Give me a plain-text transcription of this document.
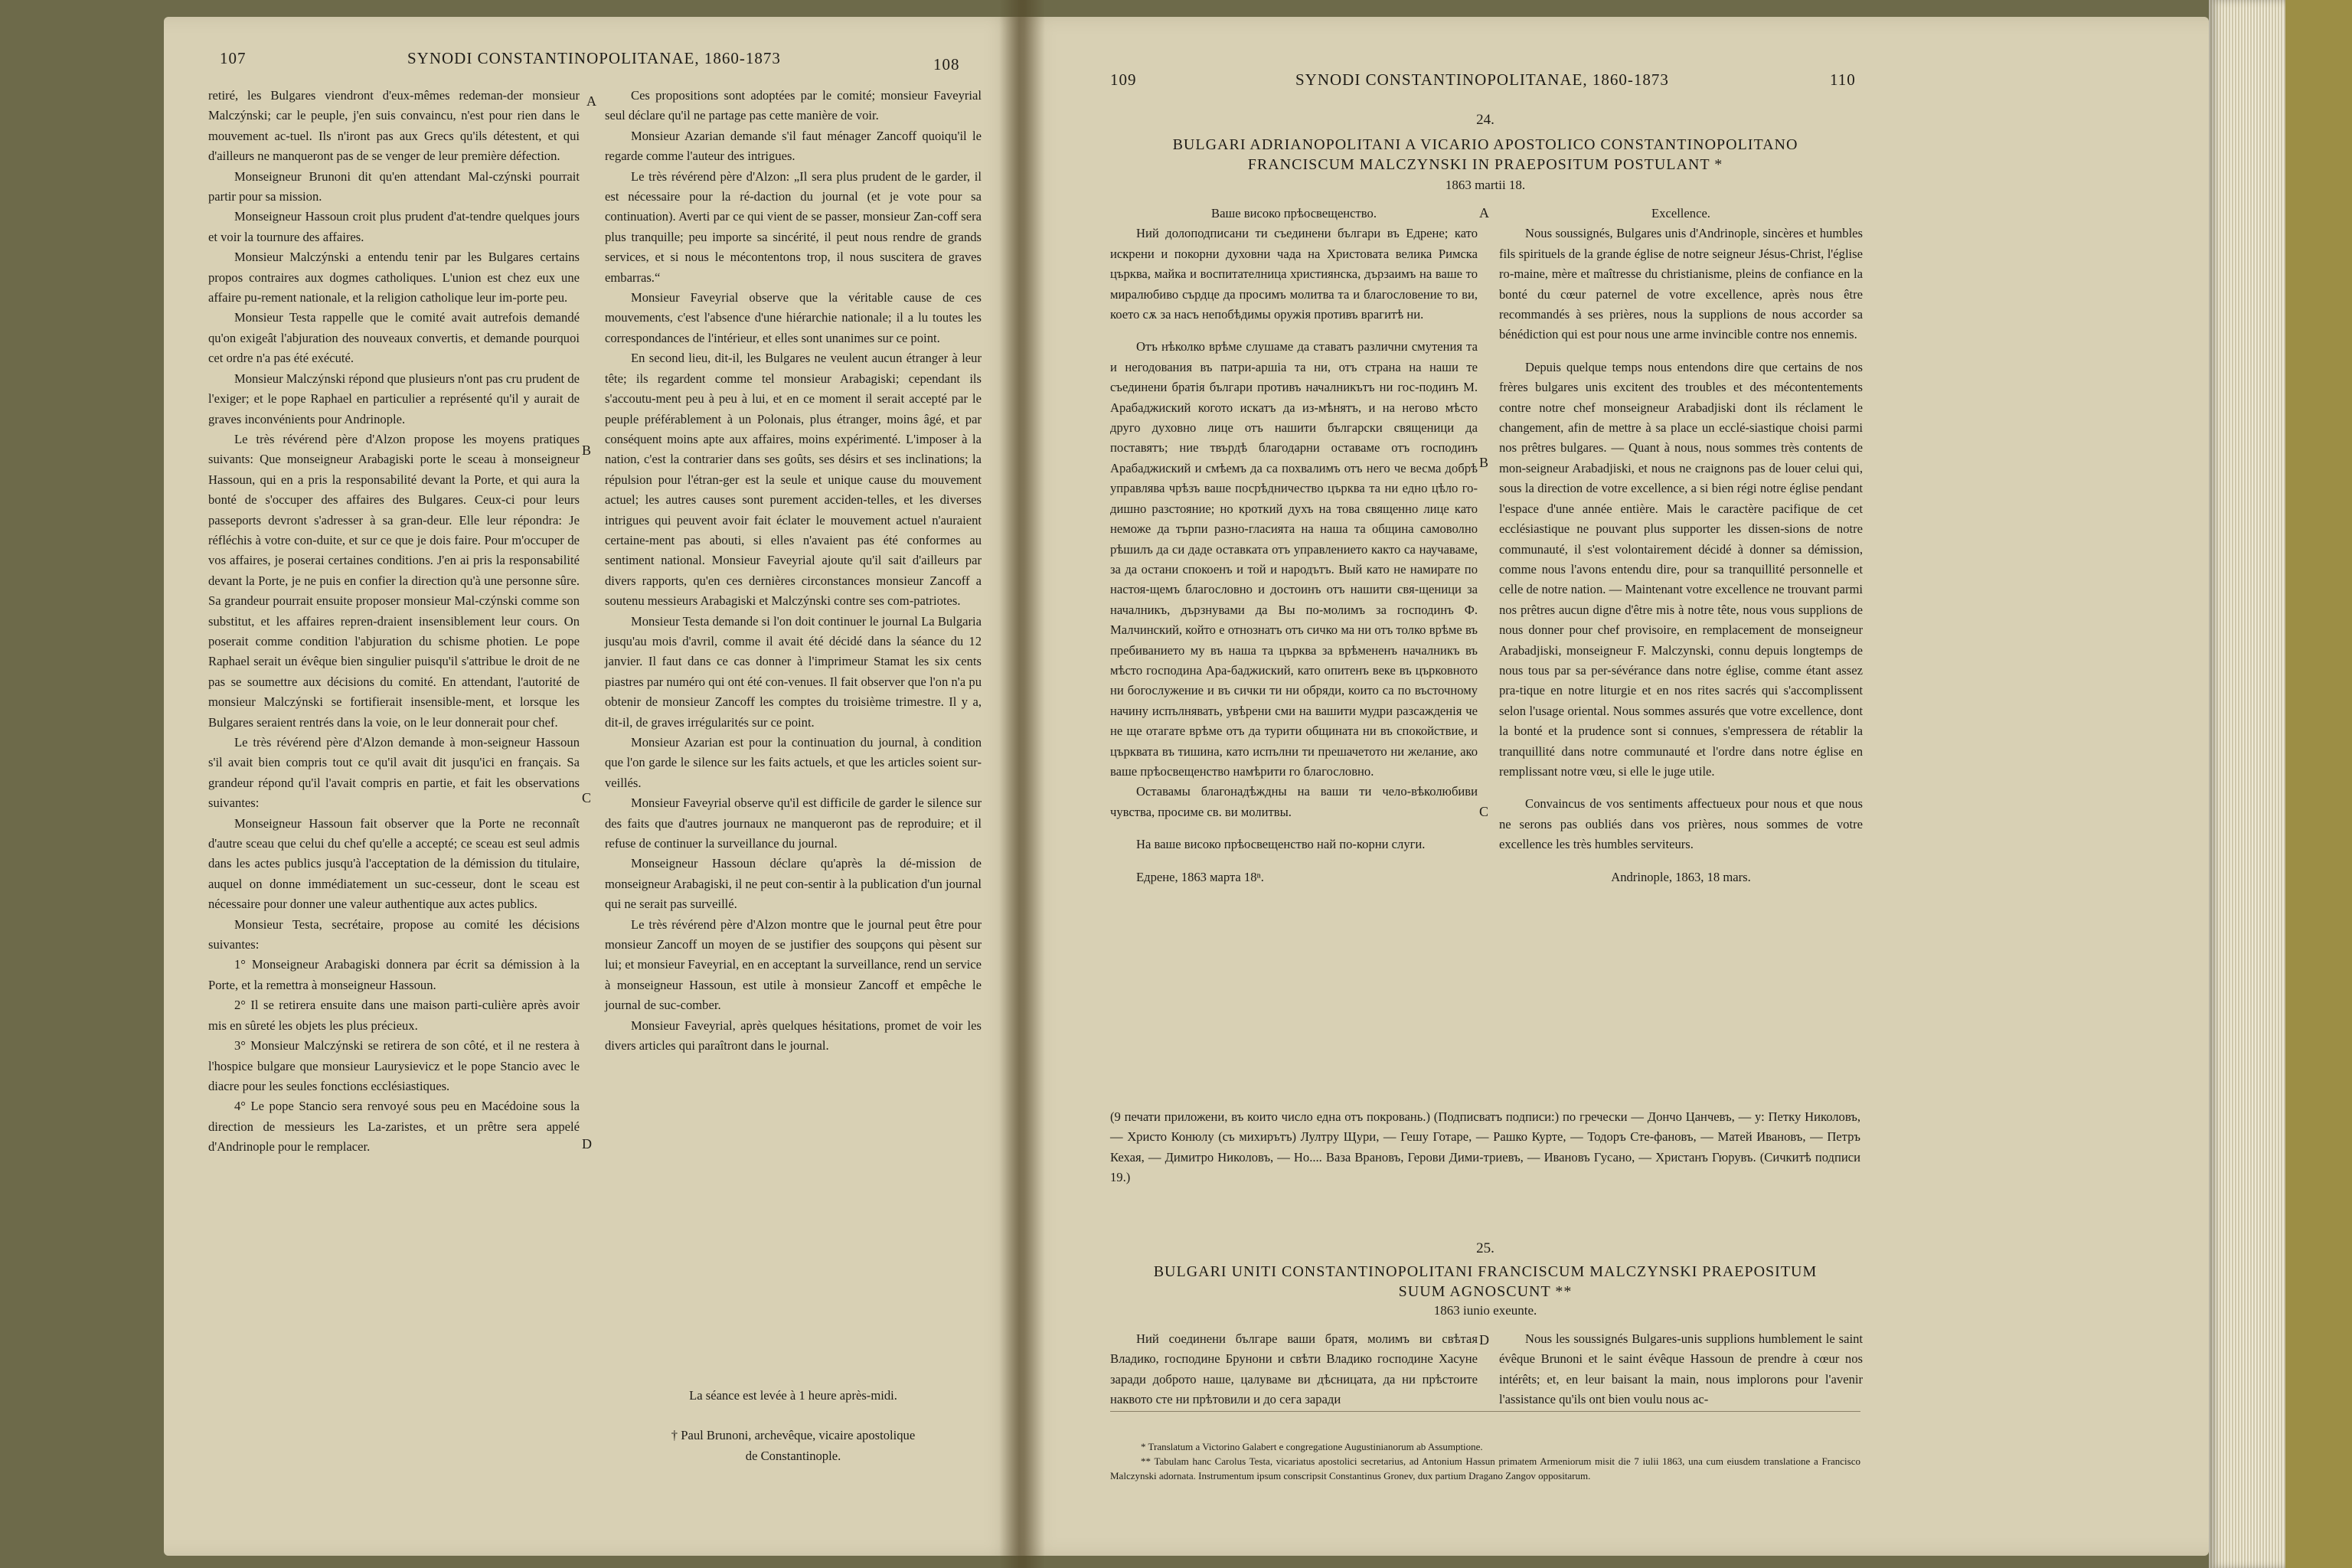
107	SYNODI CONSTANTINOPOLITANAE, 1860-1873	108
109	SYNODI CONSTANTINOPOLITANAE, 1860-1873	110

retiré, les Bulgares viendront d'eux-mêmes redeman-der monsieur Malczýnski; car le peuple, j'en suis convaincu, n'est pour rien dans le mouvement ac-tuel. Ils n'iront pas aux Grecs qu'ils détestent, et qui d'ailleurs ne manqueront pas de se venger de leur première défection.

Monseigneur Brunoni dit qu'en attendant Mal-czýnski pourrait partir pour sa mission.

Monseigneur Hassoun croit plus prudent d'at-tendre quelques jours et voir la tournure des affaires.

Monsieur Malczýnski a entendu tenir par les Bulgares certains propos contraires aux dogmes catholiques. L'union est chez eux une affaire pu-rement nationale, et la religion catholique leur im-porte peu.

Monsieur Testa rappelle que le comité avait autrefois demandé qu'on exigeât l'abjuration des nouveaux convertis, et demande pourquoi cet ordre n'a pas été exécuté.

Monsieur Malczýnski répond que plusieurs n'ont pas cru prudent de l'exiger; et le pope Raphael en particulier a représenté qu'il y aurait de graves inconvénients pour Andrinople.

Le très révérend père d'Alzon propose les moyens pratiques suivants: Que monseigneur Arabagiski porte le sceau à monseigneur Hassoun, qui en a pris la responsabilité devant la Porte, et qui aura la bonté de s'occuper des affaires des Bulgares. Ceux-ci pour leurs passeports devront s'adresser à sa gran-deur. Elle leur répondra: Je réfléchis à votre con-duite, et sur ce que je dois faire. Pour m'occuper de vos affaires, je poserai certaines conditions. J'en ai pris la responsabilité devant la Porte, je ne puis en confier la direction qu'à une personne sûre. Sa grandeur pourrait ensuite proposer monsieur Mal-czýnski comme son substitut, et les affaires repren-draient insensiblement leur cours. On poserait comme condition l'abjuration du schisme photien. Le pope Raphael serait un évêque bien singulier puisqu'il s'attribue le droit de ne pas se soumettre aux décisions du comité. En attendant, l'autorité de monsieur Malczýnski se fortifierait insensible-ment, et lorsque les Bulgares seraient rentrés dans la voie, on le leur donnerait pour chef.

Le très révérend père d'Alzon demande à mon-seigneur Hassoun s'il avait bien compris tout ce qu'il avait dit jusqu'ici en français. Sa grandeur répond qu'il l'avait compris en partie, et fait les observations suivantes:

Monseigneur Hassoun fait observer que la Porte ne reconnaît d'autre sceau que celui du chef qu'elle a accepté; ce sceau est seul admis dans les actes publics jusqu'à l'acceptation de la démission du titulaire, auquel on donne immédiatement un suc-cesseur, dont le sceau est nécessaire pour donner une valeur authentique aux actes publics.

Monsieur Testa, secrétaire, propose au comité les décisions suivantes:

1° Monseigneur Arabagiski donnera par écrit sa démission à la Porte, et la remettra à monseigneur Hassoun.

2° Il se retirera ensuite dans une maison parti-culière après avoir mis en sûreté les objets les plus précieux.

3° Monsieur Malczýnski se retirera de son côté, et il ne restera à l'hospice bulgare que monsieur Laurysievicz et le pope Stancio avec le diacre pour les seules fonctions ecclésiastiques.

4° Le pope Stancio sera renvoyé sous peu en Macédoine sous la direction de messieurs les La-zaristes, et un prêtre sera appelé d'Andrinople pour le remplacer.

Ces propositions sont adoptées par le comité; monsieur Faveyrial seul déclare qu'il ne partage pas cette manière de voir.

Monsieur Azarian demande s'il faut ménager Zancoff quoiqu'il le regarde comme l'auteur des intrigues.

Le très révérend père d'Alzon: „Il sera plus prudent de le garder, il est nécessaire pour la ré-daction du journal (et je vote pour sa continuation). Averti par ce qui vient de se passer, monsieur Zan-coff sera plus tranquille; peu importe sa sincérité, il peut nous rendre de grands services, et si nous le mécontentons trop, il nous suscitera de graves embarras.“

Monsieur Faveyrial observe que la véritable cause de ces mouvements, c'est l'absence d'une hiérarchie nationale; il a lu toutes les correspondances de l'intérieur, et elles sont unanimes sur ce point.

En second lieu, dit-il, les Bulgares ne veulent aucun étranger à leur tête; ils regardent comme tel monsieur Arabagiski; cependant ils s'accoutu-ment peu à peu à lui, et en ce moment il serait accepté par le peuple préférablement à un Polonais, plus étranger, moins âgé, et par conséquent moins apte aux affaires, moins expérimenté. L'imposer à la nation, c'est la contrarier dans ses goûts, ses désirs et ses inclinations; la répulsion pour l'étran-ger est la seule et unique cause du mouvement actuel; les autres causes sont purement acciden-telles, et les diverses intrigues qui peuvent avoir fait éclater le mouvement actuel n'auraient certaine-ment pas abouti, si elles n'avaient pas été conformes au sentiment national. Monsieur Faveyrial ajoute qu'il sait d'ailleurs par divers rapports, qu'en ces dernières circonstances monsieur Zancoff a soutenu messieurs Arabagiski et Malczýnski contre ses com-patriotes.

Monsieur Testa demande si l'on doit continuer le journal La Bulgaria jusqu'au mois d'avril, comme il avait été décidé dans la séance du 12 janvier. Il faut dans ce cas donner à l'imprimeur Stamat les six cents piastres par numéro qui ont été con-venues. Il fait observer que l'on n'a pu obtenir de monsieur Zancoff les comptes du troisième trimestre. Il y a, dit-il, de graves irrégularités sur ce point.

Monsieur Azarian est pour la continuation du journal, à condition que l'on garde le silence sur les faits actuels, et que les articles soient sur-veillés.

Monsieur Faveyrial observe qu'il est difficile de garder le silence sur des faits que d'autres journaux ne manqueront pas de reproduire; et il refuse de continuer la surveillance du journal.

Monseigneur Hassoun déclare qu'après la dé-mission de monseigneur Arabagiski, il ne peut con-sentir à la publication d'un journal qui ne serait pas surveillé.

Le très révérend père d'Alzon montre que le journal peut être pour monsieur Zancoff un moyen de se justifier des soupçons qui pèsent sur lui; et monsieur Faveyrial, en en acceptant la surveillance, rend un service à monseigneur Hassoun, est utile à monsieur Zancoff et empêche le journal de suc-comber.

Monsieur Faveyrial, après quelques hésitations, promet de voir les divers articles qui paraîtront dans le journal.

A
B
C
D

La séance est levée à 1 heure après-midi.

† Paul Brunoni, archevêque, vicaire apostolique

de Constantinople.

24.
BULGARI ADRIANOPOLITANI A VICARIO APOSTOLICO CONSTANTINOPOLITANO
FRANCISCUM MALCZYNSKI IN PRAEPOSITUM POSTULANT *
1863 martii 18.

Ваше високо прѣосвещенство.

Ний долоподписани ти съединени българи въ Едрене; като искрени и покорни духовни чада на Христовата велика Римска църква, майка и воспитателница християнска, дързаимъ на ваше то миралюбиво сърдце да просимъ молитва та и благословение то ви, което сѫ за насъ непобѣдимы оружія противъ врагитѣ ни.

Отъ нѣколко врѣме слушаме да ставатъ различни смутения та и негодования въ патри-аршіа та ни, отъ страна на наши те съединени братія българи противъ началникътъ ни гос-подинъ М. Арабаджиский когото искатъ да из-мѣнятъ, и на негово мѣсто друго духовно лице отъ нашити български священици да поставятъ; ние твърдѣ благодарни оставаме отъ господинъ Арабаджиский и смѣемъ да са похвалимъ отъ него че весма добрѣ управлява чрѣзъ ваше посрѣдничество църква та ни едно цѣло го-дишно разстояние; но кроткий духъ на това священно лице като неможе да търпи разно-гласията на наша та община самоволно рѣшилъ да си даде оставката отъ управлението както са научаваме, за да остани спокоенъ и той и народътъ. Вый като не намирате по настоя-щемъ благословно и достоинъ отъ нашити свя-щеници за началникъ, дързнувами да Вы по-молимъ за господинъ Ф. Малчинский, който е отнознатъ отъ сичко ма ни отъ толко врѣме въ пребиванието му въ наша та църква за врѣмененъ началникъ въ мѣсто господина Ара-баджиский, като опитенъ веке въ църковното ни богослужение и въ сички ти ни обряди, които са по въсточному начину испълнявать, увѣрени сми на вашити мудри разсажденія че не ще отагате врѣме отъ да турити общината ни въ спокойствие, и църквата въ тишина, като испълни ти прешачетото ни желание, ако ваше прѣосвещенство намѣрити го благословно.

Оставамы благонадѣждны на ваши ти чело-вѣколюбиви чувства, просиме св. ви молитвы.

На ваше високо прѣосвещенство най по-корни слуги.

Едрене, 1863 марта 18ⁿ.

Excellence.

Nous soussignés, Bulgares unis d'Andrinople, sincères et humbles fils spirituels de la grande église de notre seigneur Jésus-Christ, l'église ro-maine, mère et maîtresse du christianisme, pleins de confiance en la bonté du cœur paternel de votre excellence, après nous être recommandés à ses prières, nous la supplions de nous accorder sa bénédiction qui est pour nous une arme invincible contre nos ennemis.

Depuis quelque temps nous entendons dire que certains de nos frères bulgares unis excitent des troubles et des mécontentements contre notre chef monseigneur Arabadjiski dont ils réclament le changement, afin de mettre à sa place un ecclé-siastique choisi parmi nos prêtres bulgares. — Quant à nous, nous sommes très contents de mon-seigneur Arabadjiski, et nous ne craignons pas de louer celui qui, sous la direction de votre excellence, a si bien régi notre église pendant l'espace d'une année entière. Mais le caractère pacifique de cet ecclésiastique ne pouvant plus supporter les dissen-sions de notre communauté, il s'est volontairement décidé à donner sa démission, comme nous l'avons entendu dire, pour sa tranquillité personnelle et celle de notre nation. — Maintenant votre excellence ne trouvant parmi nos prêtres aucun digne d'être mis à notre tête, nous vous supplions de nous donner pour chef provisoire, en remplacement de monseigneur Arabadjiski, monseigneur F. Malczynski, connu depuis longtemps de nous tous par sa per-sévérance dans notre église, comme étant assez pra-tique en notre liturgie et en nos rites sacrés qui s'accomplissent selon l'usage oriental. Nous sommes assurés que votre excellence, dont la bonté et la prudence sont si connues, s'empressera de rétablir la tranquillité dans notre communauté et l'ordre dans notre église en remplissant notre vœu, si elle le juge utile.

Convaincus de vos sentiments affectueux pour nous et que nous ne serons pas oubliés dans vos prières, nous sommes de votre excellence les très humbles serviteurs.

Andrinople, 1863, 18 mars.

A
B
C
D

(9 печати приложени, въ които число една отъ покровань.) (Подписватъ подписи:) по гречески — Дончо Цанчевъ, — у: Петку Николовъ, — Христо Конюлу (съ михирътъ) Лултру Щури, — Гешу Готаре, — Рашко Курте, — Тодоръ Сте-фановъ, — Матей Ивановъ, — Петръ Кехая, — Димитро Николовъ, — Но.... Ваза Врановъ, Герови Дими-триевъ, — Ивановъ Гусано, — Христанъ Гюрувъ. (Сичкитѣ подписи 19.)

25.
BULGARI UNITI CONSTANTINOPOLITANI FRANCISCUM MALCZYNSKI PRAEPOSITUM
SUUM AGNOSCUNT **
1863 iunio exeunte.

Ний соединени българе ваши братя, молимъ ви свѣтая Владико, господине Брунони и свѣти Владико господине Хасуне заради доброто наше, цалуваме ви дѣсницата, да ни прѣстоите наквото сте ни прѣтовили и до сега заради

Nous les soussignés Bulgares-unis supplions humblement le saint évêque Brunoni et le saint évêque Hassoun de prendre à cœur nos intérêts; et, en leur baisant la main, nous implorons pour l'avenir l'assistance qu'ils ont bien voulu nous ac-

* Translatum a Victorino Galabert e congregatione Augustinianorum ab Assumptione.

** Tabulam hanc Carolus Testa, vicariatus apostolici secretarius, ad Antonium Hassun primatem Armeniorum misit die 7 iulii 1863, una cum eiusdem translatione a Francisco Malczynski adornata. Instrumentum ipsum conscripsit Constantinus Gronev, dux partium Dragano Zangov oppositarum.
